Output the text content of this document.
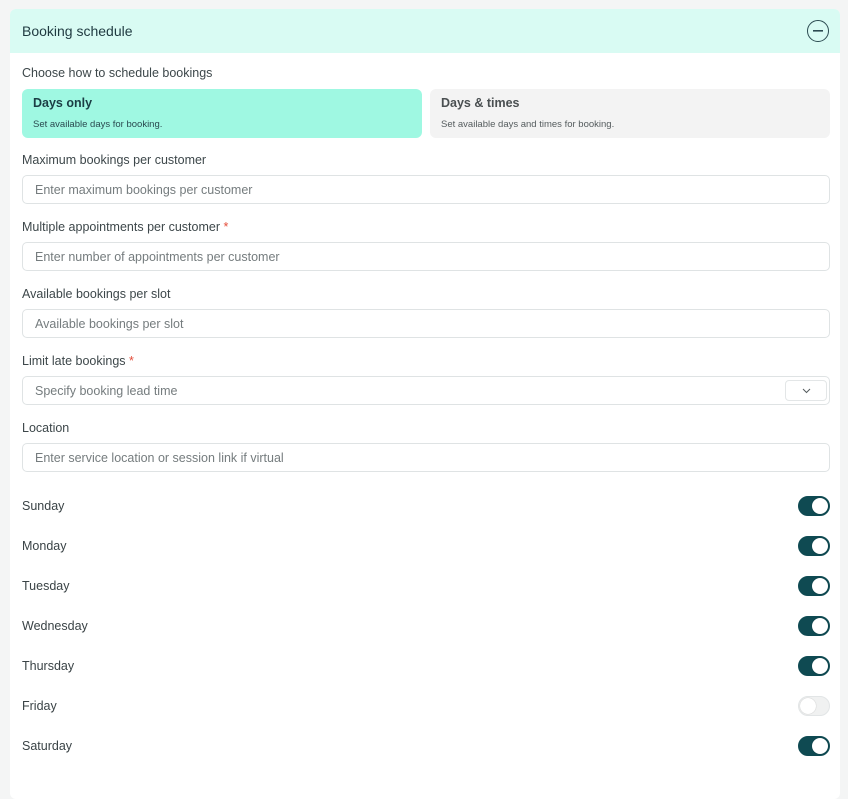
Booking schedule
Choose how to schedule bookings
Days only
Set available days for booking.
Days & times
Set available days and times for booking.
Maximum bookings per customer
Enter maximum bookings per customer
Multiple appointments per customer *
Enter number of appointments per customer
Available bookings per slot
Available bookings per slot
Limit late bookings *
Specify booking lead time
Location
Enter service location or session link if virtual
Sunday
Monday
Tuesday
Wednesday
Thursday
Friday
Saturday
